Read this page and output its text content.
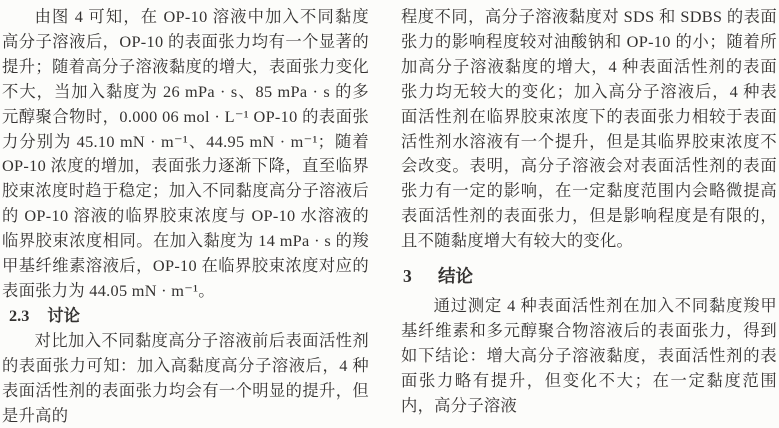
由图 4 可知，在 OP-10 溶液中加入不同黏度高分子溶液后，OP-10 的表面张力均有一个显著的提升；随着高分子溶液黏度的增大，表面张力变化不大，当加入黏度为 26 mPa · s、85 mPa · s 的多元醇聚合物时，0.000 06 mol · L⁻¹ OP-10 的表面张力分别为 45.10 mN · m⁻¹、44.95 mN · m⁻¹；随着 OP-10 浓度的增加，表面张力逐渐下降，直至临界胶束浓度时趋于稳定；加入不同黏度高分子溶液后的 OP-10 溶液的临界胶束浓度与 OP-10 水溶液的临界胶束浓度相同。在加入黏度为 14 mPa · s 的羧甲基纤维素溶液后，OP-10 在临界胶束浓度对应的表面张力为 44.05 mN · m⁻¹。

2.3 讨论

对比加入不同黏度高分子溶液前后表面活性剂的表面张力可知：加入高黏度高分子溶液后，4 种表面活性剂的表面张力均会有一个明显的提升，但是升高的

程度不同，高分子溶液黏度对 SDS 和 SDBS 的表面张力的影响程度较对油酸钠和 OP-10 的小；随着所加高分子溶液黏度的增大，4 种表面活性剂的表面张力均无较大的变化；加入高分子溶液后，4 种表面活性剂在临界胶束浓度下的表面张力相较于表面活性剂水溶液有一个提升，但是其临界胶束浓度不会改变。表明，高分子溶液会对表面活性剂的表面张力有一定的影响，在一定黏度范围内会略微提高表面活性剂的表面张力，但是影响程度是有限的，且不随黏度增大有较大的变化。

3 结论

通过测定 4 种表面活性剂在加入不同黏度羧甲基纤维素和多元醇聚合物溶液后的表面张力，得到如下结论：增大高分子溶液黏度，表面活性剂的表面张力略有提升，但变化不大；在一定黏度范围内，高分子溶液
